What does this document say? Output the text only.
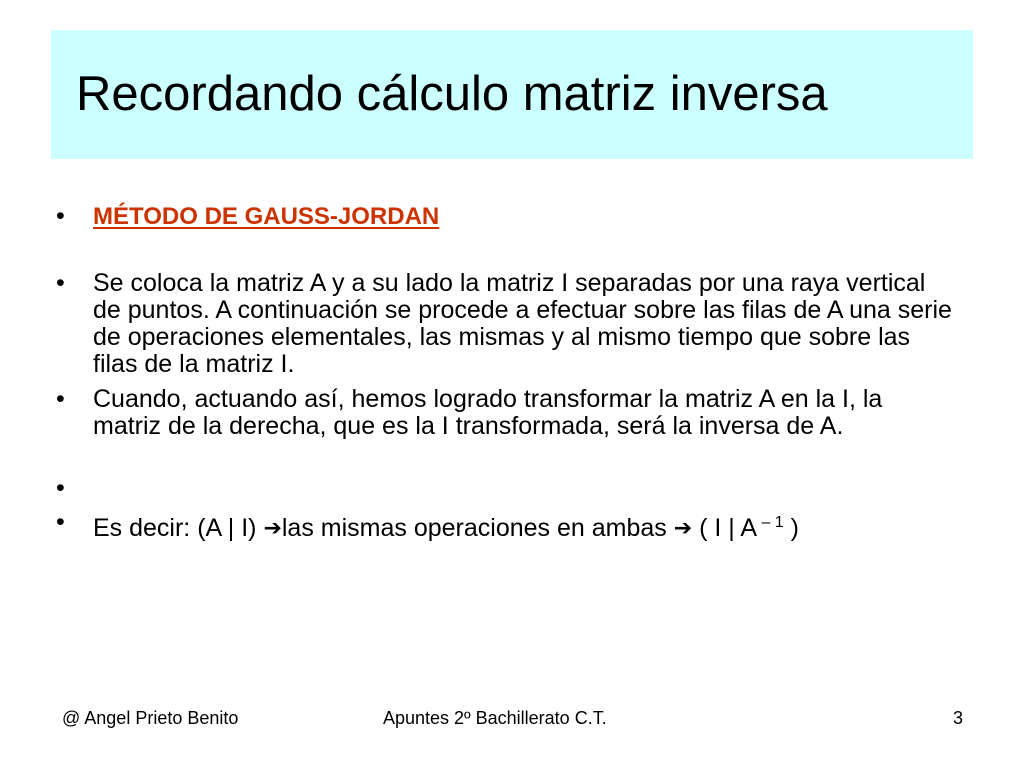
Recordando cálculo matriz inversa
• MÉTODO DE GAUSS-JORDAN
• Se coloca la matriz A y a su lado la matriz I separadas por una raya vertical de puntos. A continuación se procede a efectuar sobre las filas de A una serie de operaciones elementales, las mismas y al mismo tiempo que sobre las filas de la matriz I.
• Cuando, actuando así, hemos logrado transformar la matriz A en la I, la matriz de la derecha, que es la I transformada, será la inversa de A.
•
• Es decir: (A | I) ➔las mismas operaciones en ambas ➔ ( I | A $^{- 1}$ )
@ Angel Prieto Benito	Apuntes 2º Bachillerato C.T.	3
